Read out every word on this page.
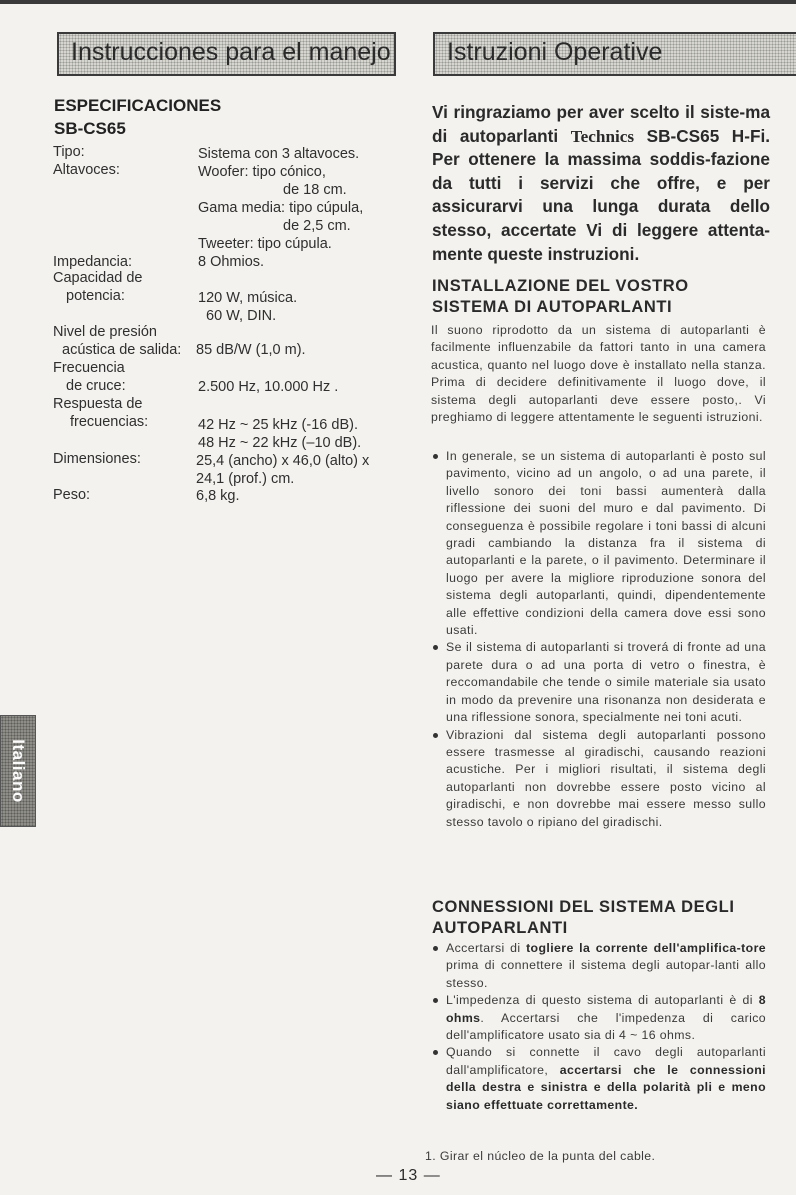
Instrucciones para el manejo	Istruzioni Operative
Italiano
ESPECIFICACIONES
SB-CS65
Tipo:	Sistema con 3 altavoces.
Altavoces:	Woofer: tipo cónico,
de 18 cm.
Gama media: tipo cúpula,
de 2,5 cm.
Tweeter: tipo cúpula.
Impedancia:	8 Ohmios.
Capacidad de
potencia:	120 W, música.
60 W, DIN.
Nivel de presión
acústica de salida: 85 dB/W (1,0 m).
Frecuencia
de cruce:	2.500 Hz, 10.000 Hz .
Respuesta de
frecuencias:	42 Hz ~ 25 kHz (-16 dB).
48 Hz ~ 22 kHz (–10 dB).
Dimensiones:	25,4 (ancho) x 46,0 (alto) x
24,1 (prof.) cm.
Peso:	6,8 kg.
Vi ringraziamo per aver scelto il siste-ma di autoparlanti Technics SB-CS65 H-Fi. Per ottenere la massima soddis-fazione da tutti i servizi che offre, e per assicurarvi una lunga durata dello stesso, accertate Vi di leggere attenta-mente queste instruzioni.
INSTALLAZIONE DEL VOSTRO
SISTEMA DI AUTOPARLANTI
Il suono riprodotto da un sistema di autoparlanti è facilmente influenzabile da fattori tanto in una camera acustica, quanto nel luogo dove è installato nella stanza. Prima di decidere definitivamente il luogo dove, il sistema degli autoparlanti deve essere posto,. Vi preghiamo di leggere attentamente le seguenti istruzioni.
In generale, se un sistema di autoparlanti è posto sul pavimento, vicino ad un angolo, o ad una parete, il livello sonoro dei toni bassi aumenterà dalla riflessione dei suoni del muro e dal pavimento. Di conseguenza è possibile regolare i toni bassi di alcuni gradi cambiando la distanza fra il sistema di autoparlanti e la parete, o il pavimento. Determinare il luogo per avere la migliore riproduzione sonora del sistema degli autoparlanti, quindi, dipendentemente alle effettive condizioni della camera dove essi sono usati.
Se il sistema di autoparlanti si troverá di fronte ad una parete dura o ad una porta di vetro o finestra, è reccomandabile che tende o simile materiale sia usato in modo da prevenire una risonanza non desiderata e una riflessione sonora, specialmente nei toni acuti.
Vibrazioni dal sistema degli autoparlanti possono essere trasmesse al giradischi, causando reazioni acustiche. Per i migliori risultati, il sistema degli autoparlanti non dovrebbe essere posto vicino al giradischi, e non dovrebbe mai essere messo sullo stesso tavolo o ripiano del giradischi.
CONNESSIONI DEL SISTEMA DEGLI
AUTOPARLANTI
Accertarsi di togliere la corrente dell'amplifica-tore prima di connettere il sistema degli autopar-lanti allo stesso.
L'impedenza di questo sistema di autoparlanti è di 8 ohms. Accertarsi che l'impedenza di carico dell'amplificatore usato sia di 4 ~ 16 ohms.
Quando si connette il cavo degli autoparlanti dall'amplificatore, accertarsi che le connessioni della destra e sinistra e della polarità pli e meno siano effettuate correttamente.
1. Girar el núcleo de la punta del cable.
— 13 —
